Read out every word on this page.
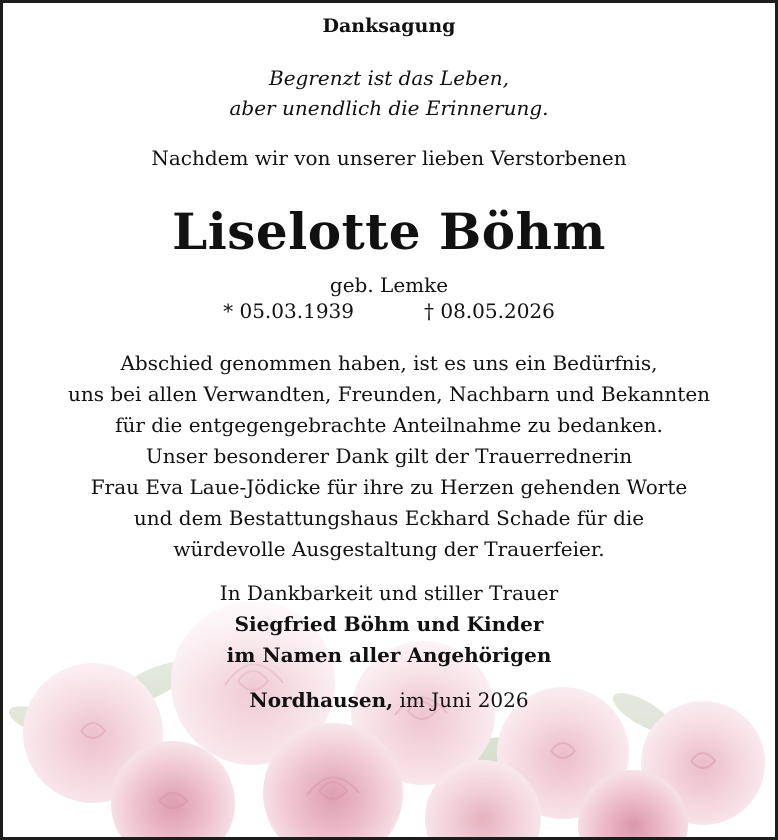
Danksagung
Begrenzt ist das Leben,
aber unendlich die Erinnerung.
Nachdem wir von unserer lieben Verstorbenen
Liselotte Böhm
geb. Lemke
* 05.03.1939	† 08.05.2026
Abschied genommen haben, ist es uns ein Bedürfnis,
uns bei allen Verwandten, Freunden, Nachbarn und Bekannten
für die entgegengebrachte Anteilnahme zu bedanken.
Unser besonderer Dank gilt der Trauerrednerin
Frau Eva Laue-Jödicke für ihre zu Herzen gehenden Worte
und dem Bestattungshaus Eckhard Schade für die
würdevolle Ausgestaltung der Trauerfeier.
In Dankbarkeit und stiller Trauer
Siegfried Böhm und Kinder
im Namen aller Angehörigen
Nordhausen, im Juni 2026
